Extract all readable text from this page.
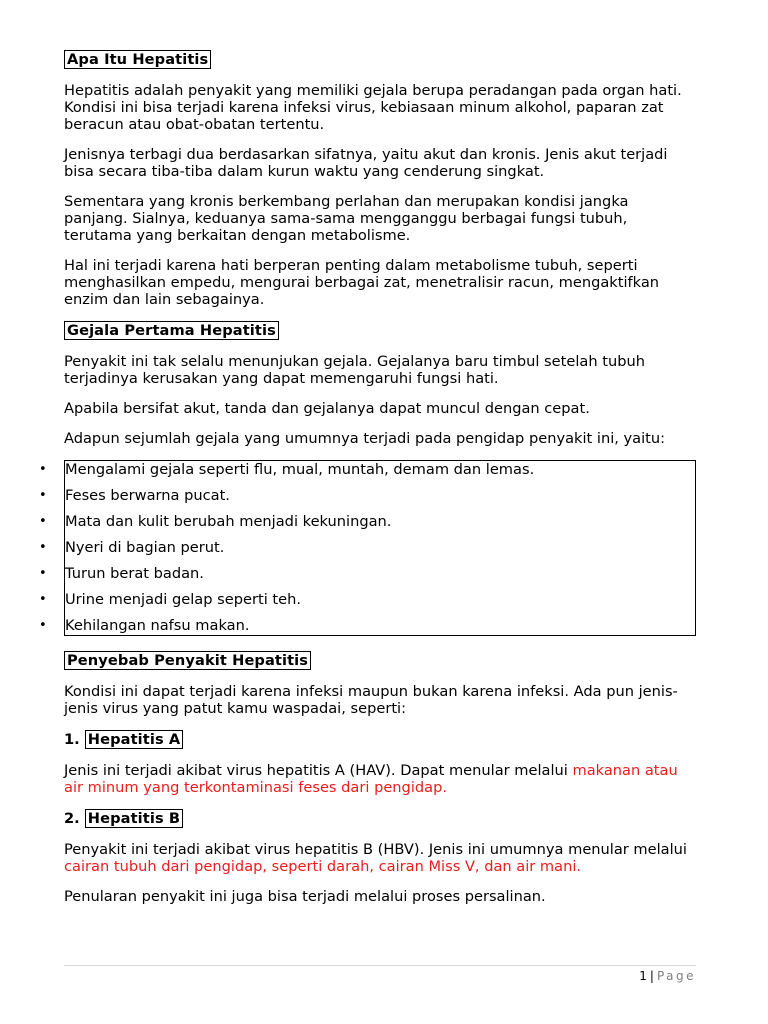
Apa Itu Hepatitis

Hepatitis adalah penyakit yang memiliki gejala berupa peradangan pada organ hati. Kondisi ini bisa terjadi karena infeksi virus, kebiasaan minum alkohol, paparan zat beracun atau obat-obatan tertentu.

Jenisnya terbagi dua berdasarkan sifatnya, yaitu akut dan kronis. Jenis akut terjadi bisa secara tiba-tiba dalam kurun waktu yang cenderung singkat.

Sementara yang kronis berkembang perlahan dan merupakan kondisi jangka panjang. Sialnya, keduanya sama-sama mengganggu berbagai fungsi tubuh, terutama yang berkaitan dengan metabolisme.

Hal ini terjadi karena hati berperan penting dalam metabolisme tubuh, seperti menghasilkan empedu, mengurai berbagai zat, menetralisir racun, mengaktifkan enzim dan lain sebagainya.

Gejala Pertama Hepatitis

Penyakit ini tak selalu menunjukan gejala. Gejalanya baru timbul setelah tubuh terjadinya kerusakan yang dapat memengaruhi fungsi hati.

Apabila bersifat akut, tanda dan gejalanya dapat muncul dengan cepat.

Adapun sejumlah gejala yang umumnya terjadi pada pengidap penyakit ini, yaitu:

• Mengalami gejala seperti flu, mual, muntah, demam dan lemas.
• Feses berwarna pucat.
• Mata dan kulit berubah menjadi kekuningan.
• Nyeri di bagian perut.
• Turun berat badan.
• Urine menjadi gelap seperti teh.
• Kehilangan nafsu makan.
Penyebab Penyakit Hepatitis

Kondisi ini dapat terjadi karena infeksi maupun bukan karena infeksi. Ada pun jenis-jenis virus yang patut kamu waspadai, seperti:

1. Hepatitis A

Jenis ini terjadi akibat virus hepatitis A (HAV). Dapat menular melalui makanan atau air minum yang terkontaminasi feses dari pengidap.

2. Hepatitis B

Penyakit ini terjadi akibat virus hepatitis B (HBV). Jenis ini umumnya menular melalui cairan tubuh dari pengidap, seperti darah, cairan Miss V, dan air mani.

Penularan penyakit ini juga bisa terjadi melalui proses persalinan.

1 | Page
